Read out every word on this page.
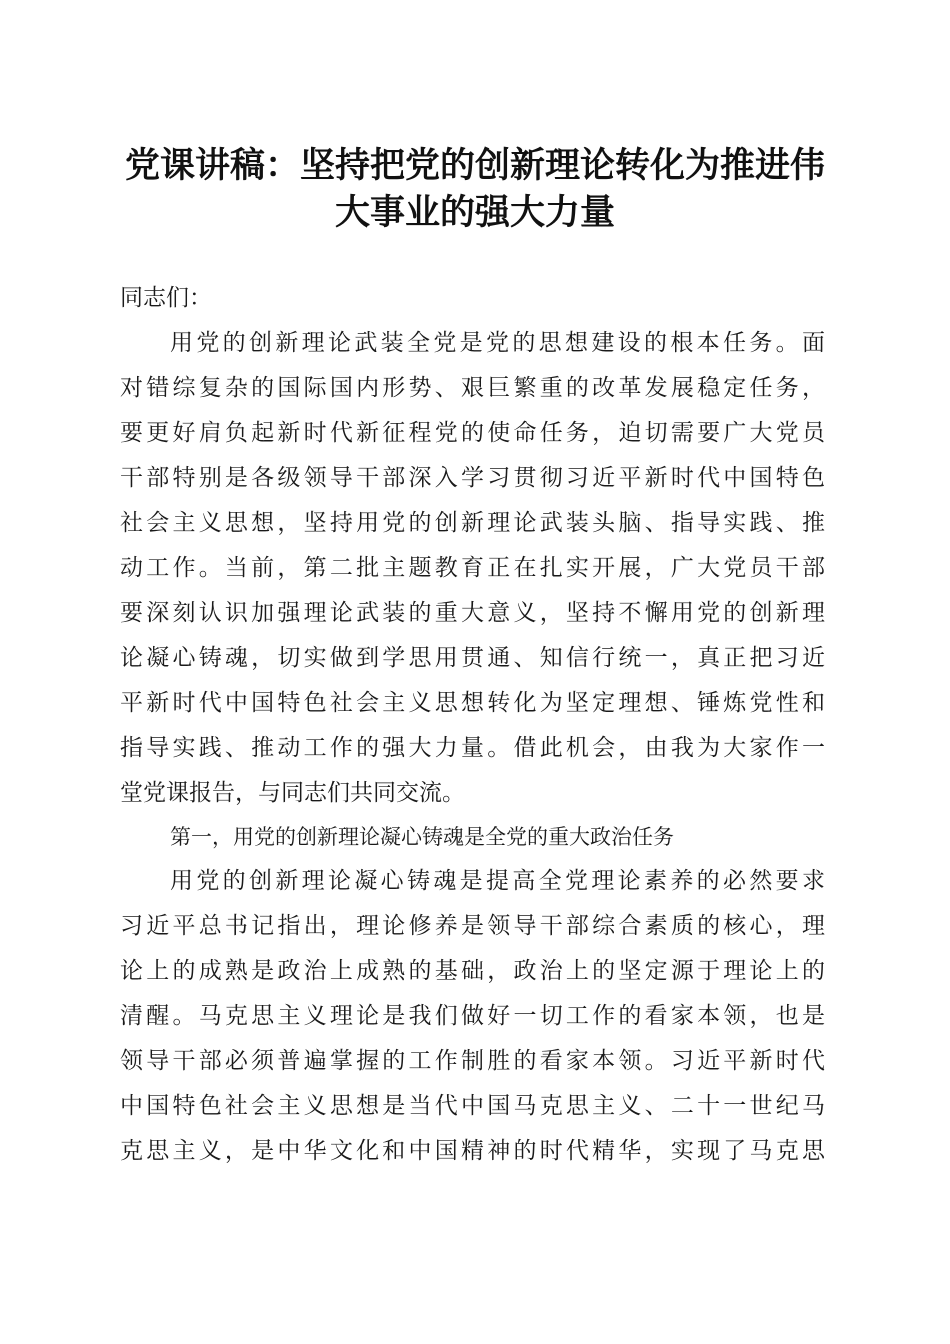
党课讲稿：坚持把党的创新理论转化为推进伟
大事业的强大力量
同志们：
用党的创新理论武装全党是党的思想建设的根本任务。面
对错综复杂的国际国内形势、艰巨繁重的改革发展稳定任务，
要更好肩负起新时代新征程党的使命任务，迫切需要广大党员
干部特别是各级领导干部深入学习贯彻习近平新时代中国特色
社会主义思想，坚持用党的创新理论武装头脑、指导实践、推
动工作。当前，第二批主题教育正在扎实开展，广大党员干部
要深刻认识加强理论武装的重大意义，坚持不懈用党的创新理
论凝心铸魂，切实做到学思用贯通、知信行统一，真正把习近
平新时代中国特色社会主义思想转化为坚定理想、锤炼党性和
指导实践、推动工作的强大力量。借此机会，由我为大家作一
堂党课报告，与同志们共同交流。
第一，用党的创新理论凝心铸魂是全党的重大政治任务
用党的创新理论凝心铸魂是提高全党理论素养的必然要求
习近平总书记指出，理论修养是领导干部综合素质的核心，理
论上的成熟是政治上成熟的基础，政治上的坚定源于理论上的
清醒。马克思主义理论是我们做好一切工作的看家本领，也是
领导干部必须普遍掌握的工作制胜的看家本领。习近平新时代
中国特色社会主义思想是当代中国马克思主义、二十一世纪马
克思主义，是中华文化和中国精神的时代精华，实现了马克思
